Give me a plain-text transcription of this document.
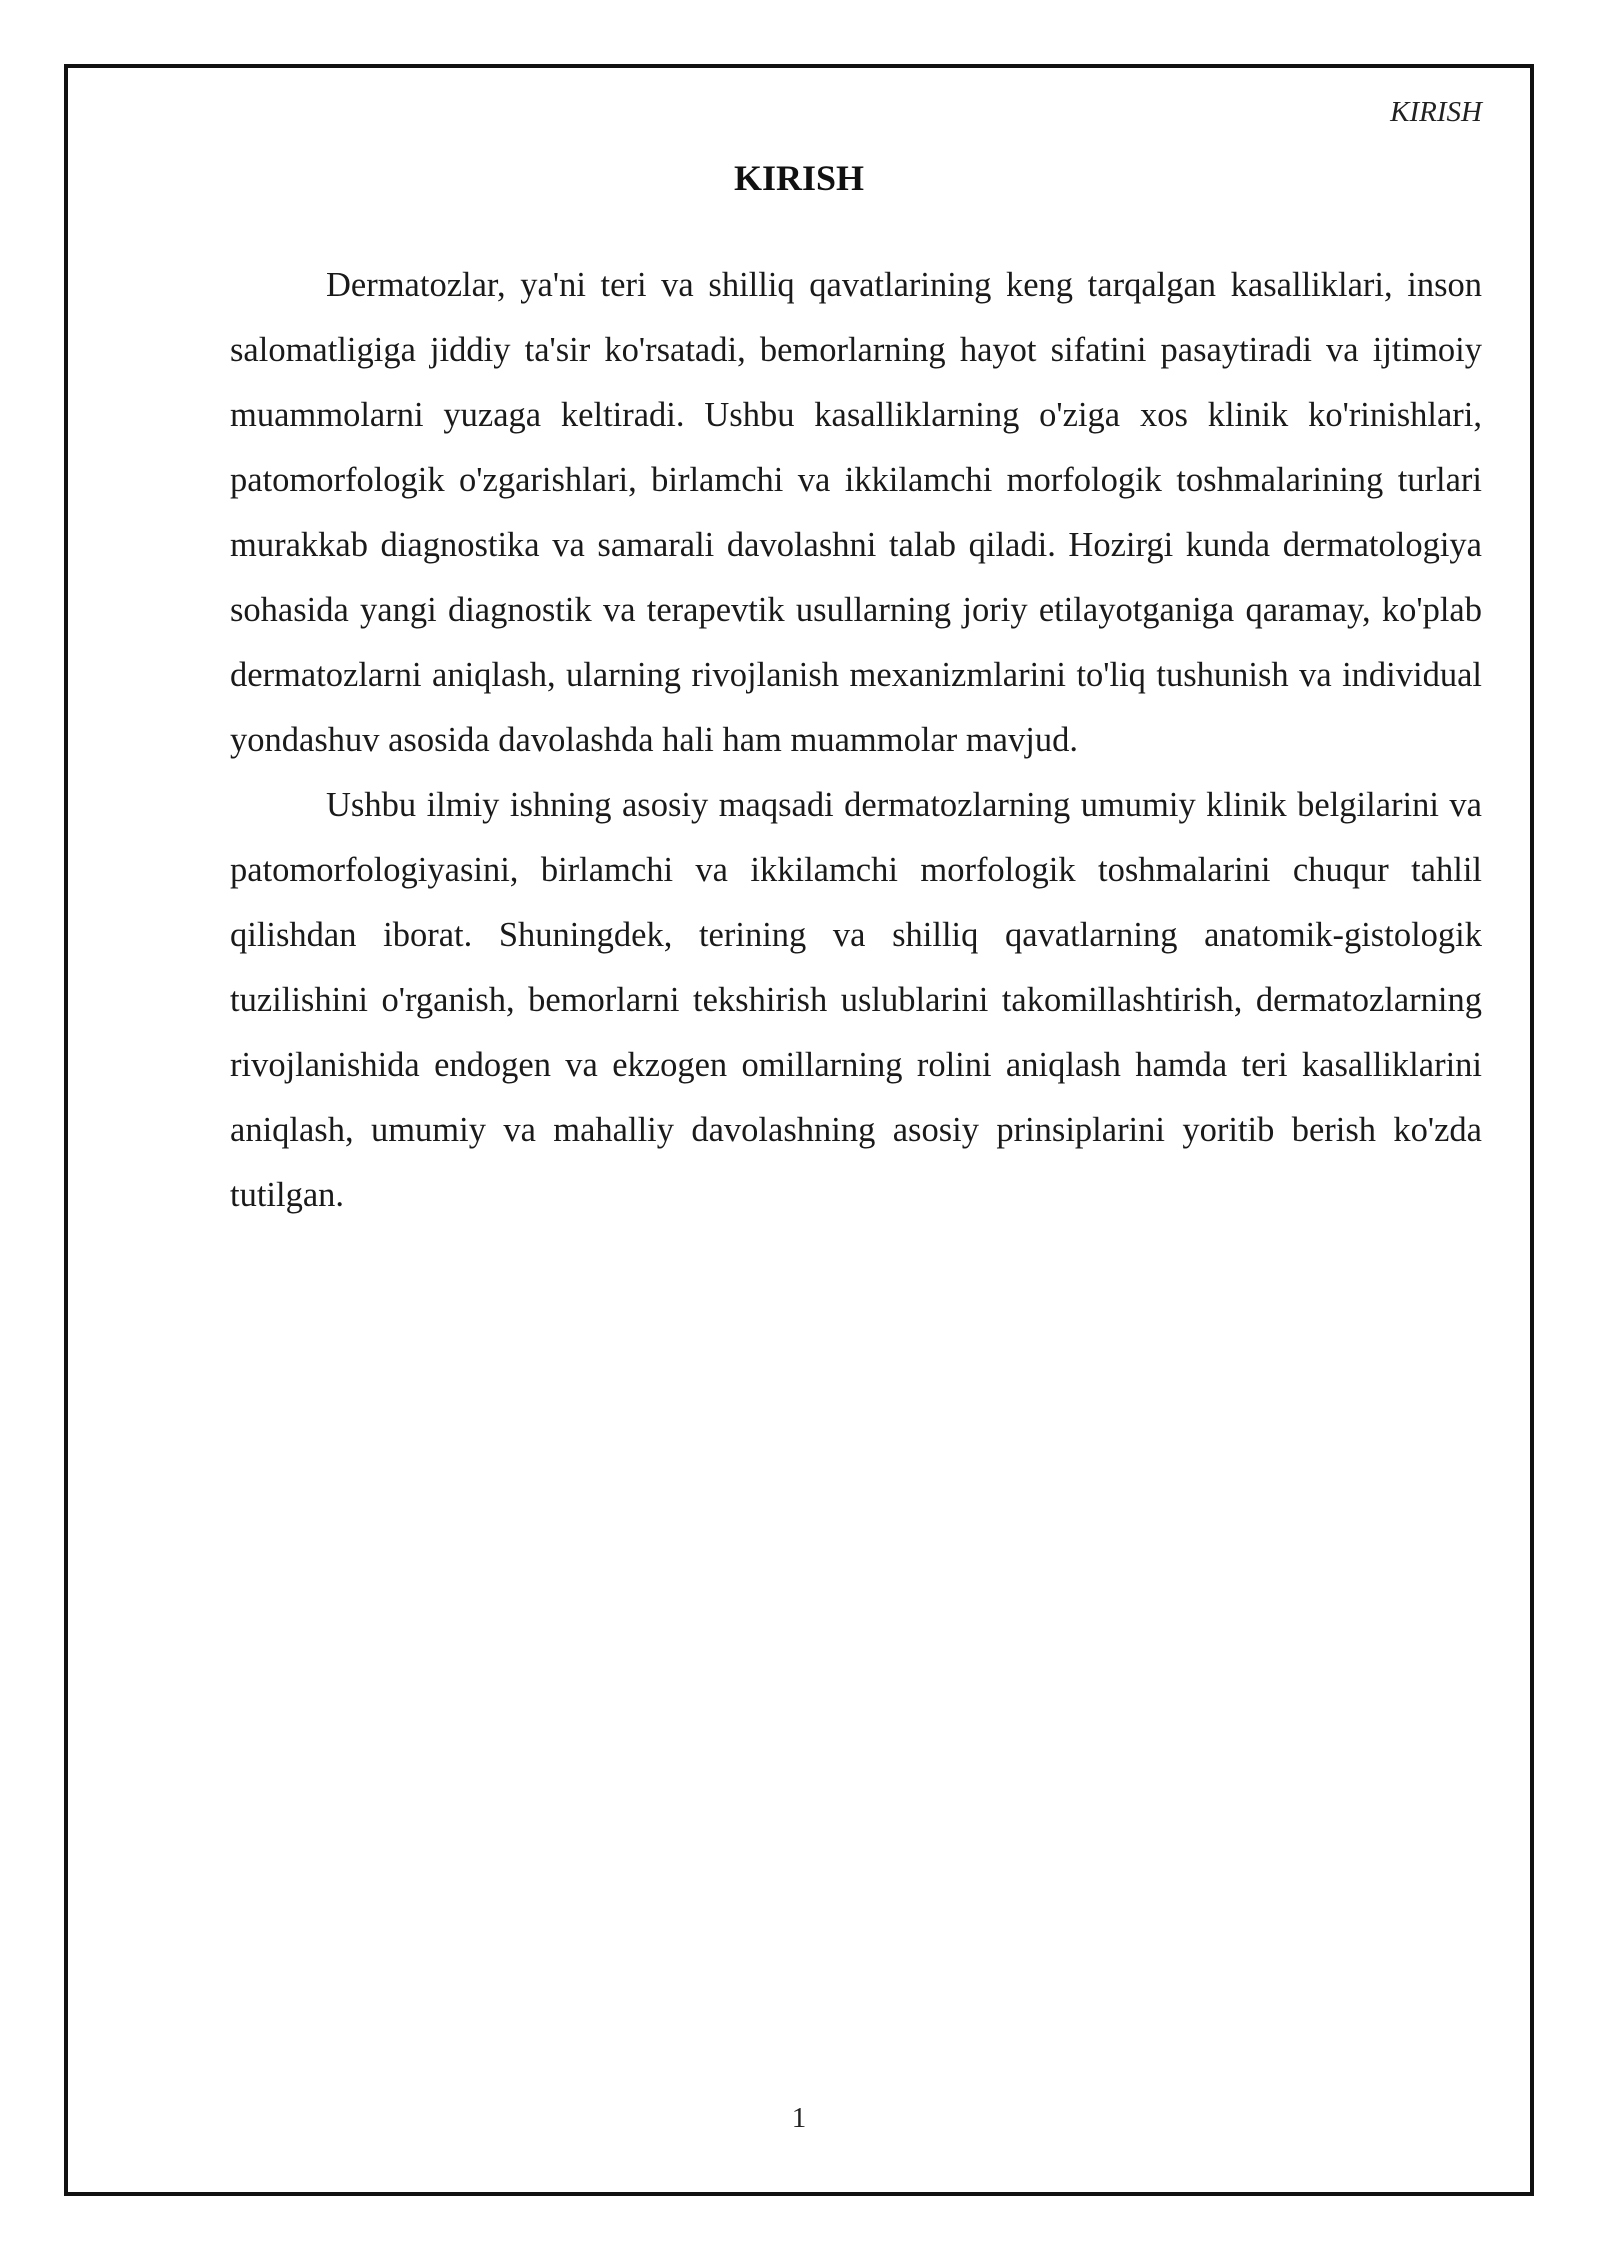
KIRISH
KIRISH

Dermatozlar, ya'ni teri va shilliq qavatlarining keng tarqalgan kasalliklari, inson salomatligiga jiddiy ta'sir ko'rsatadi, bemorlarning hayot sifatini pasaytiradi va ijtimoiy muammolarni yuzaga keltiradi. Ushbu kasalliklarning o'ziga xos klinik ko'rinishlari, patomorfologik o'zgarishlari, birlamchi va ikkilamchi morfologik toshmalarining turlari murakkab diagnostika va samarali davolashni talab qiladi. Hozirgi kunda dermatologiya sohasida yangi diagnostik va terapevtik usullarning joriy etilayotganiga qaramay, ko'plab dermatozlarni aniqlash, ularning rivojlanish mexanizmlarini to'liq tushunish va individual yondashuv asosida davolashda hali ham muammolar mavjud.

Ushbu ilmiy ishning asosiy maqsadi dermatozlarning umumiy klinik belgilarini va patomorfologiyasini, birlamchi va ikkilamchi morfologik toshmalarini chuqur tahlil qilishdan iborat. Shuningdek, terining va shilliq qavatlarning anatomik-gistologik tuzilishini o'rganish, bemorlarni tekshirish uslublarini takomillashtirish, dermatozlarning rivojlanishida endogen va ekzogen omillarning rolini aniqlash hamda teri kasalliklarini aniqlash, umumiy va mahalliy davolashning asosiy prinsiplarini yoritib berish ko'zda tutilgan.

1
